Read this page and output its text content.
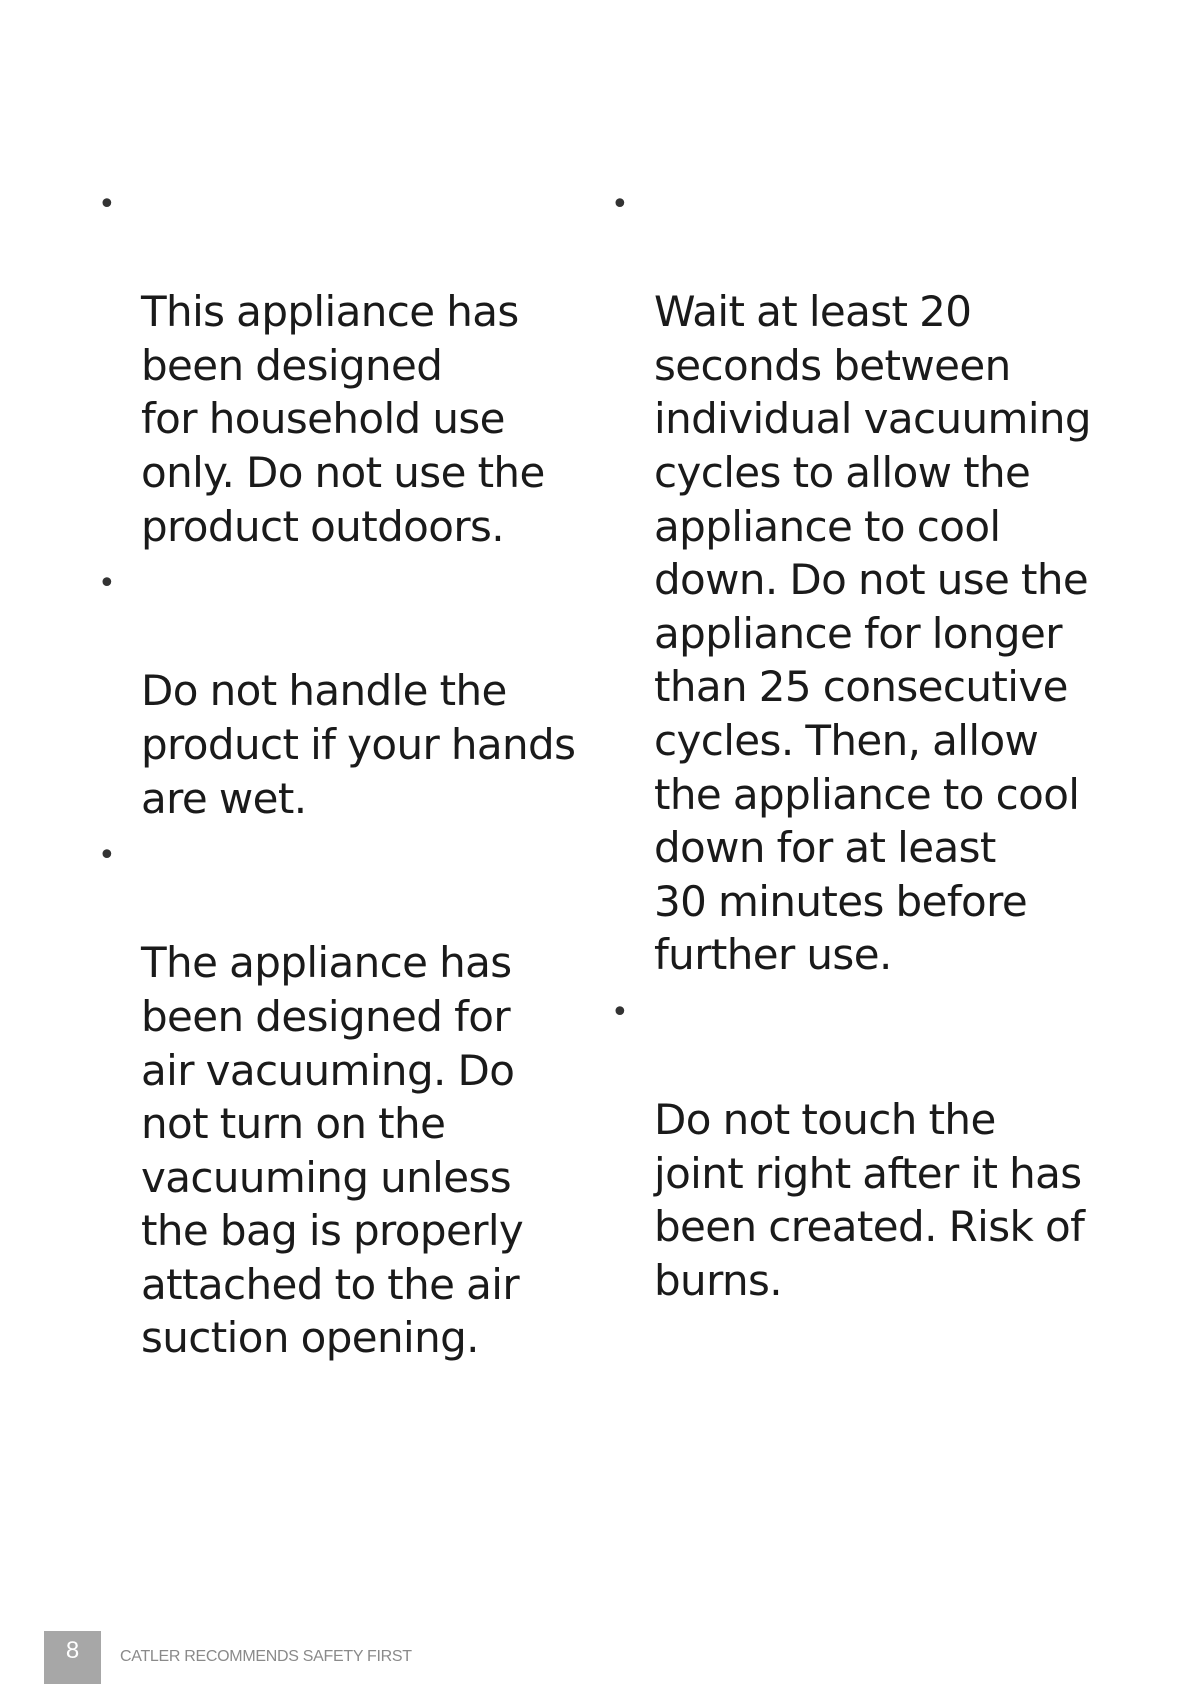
•

This appliance has
been designed
for household use
only. Do not use the
product outdoors.

•

Do not handle the
product if your hands
are wet.

•

The appliance has
been designed for
air vacuuming. Do
not turn on the
vacuuming unless
the bag is properly
attached to the air
suction opening.

•

Wait at least 20
seconds between
individual vacuuming
cycles to allow the
appliance to cool
down. Do not use the
appliance for longer
than 25 consecutive
cycles. Then, allow
the appliance to cool
down for at least
30 minutes before
further use.

•

Do not touch the
joint right after it has
been created. Risk of
burns.

8	CATLER RECOMMENDS SAFETY FIRST
